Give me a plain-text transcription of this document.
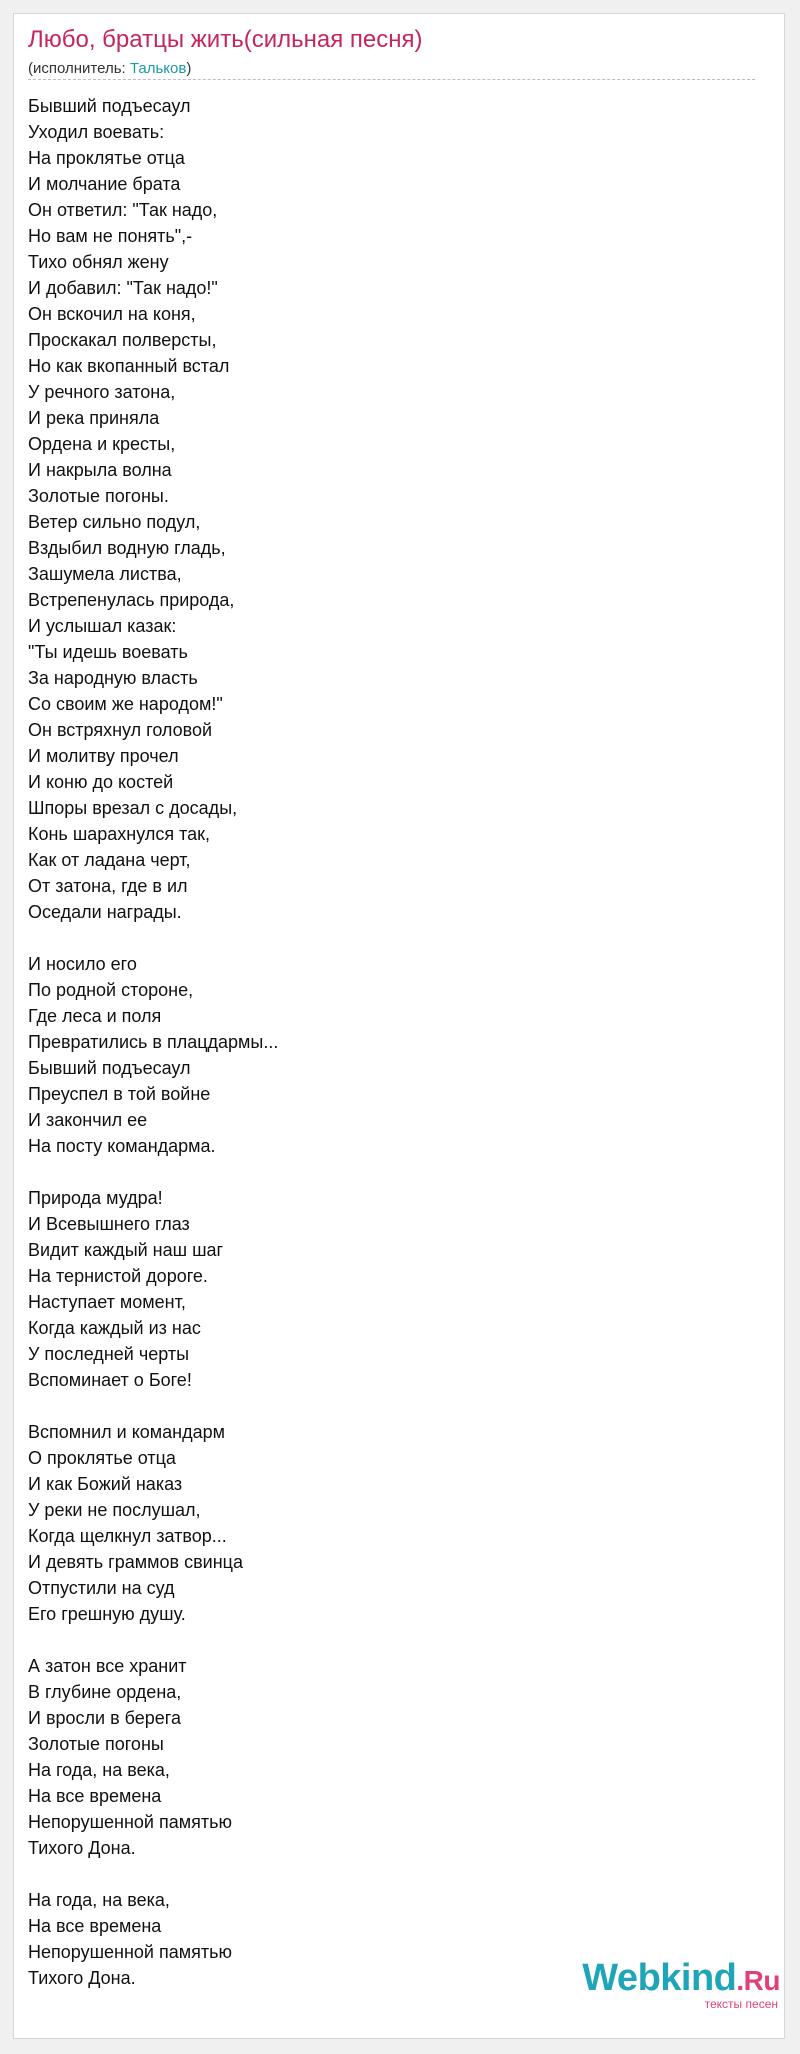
Любо, братцы жить(сильная песня)
(исполнитель: Тальков)
Бывший подъесаул
Уходил воевать:
На проклятье отца
И молчание брата
Он ответил: "Так надо,
Но вам не понять",-
Тихо обнял жену
И добавил: "Так надо!"
Он вскочил на коня,
Проскакал полверсты,
Но как вкопанный встал
У речного затона,
И река приняла
Ордена и кресты,
И накрыла волна
Золотые погоны.
Ветер сильно подул,
Вздыбил водную гладь,
Зашумела листва,
Встрепенулась природа,
И услышал казак:
"Ты идешь воевать
За народную власть
Со своим же народом!"
Он встряхнул головой
И молитву прочел
И коню до костей
Шпоры врезал с досады,
Конь шарахнулся так,
Как от ладана черт,
От затона, где в ил
Оседали награды.
И носило его
По родной стороне,
Где леса и поля
Превратились в плацдармы...
Бывший подъесаул
Преуспел в той войне
И закончил ее
На посту командарма.
Природа мудра!
И Всевышнего глаз
Видит каждый наш шаг
На тернистой дороге.
Наступает момент,
Когда каждый из нас
У последней черты
Вспоминает о Боге!
Вспомнил и командарм
О проклятье отца
И как Божий наказ
У реки не послушал,
Когда щелкнул затвор...
И девять граммов свинца
Отпустили на суд
Его грешную душу.
А затон все хранит
В глубине ордена,
И вросли в берега
Золотые погоны
На года, на века,
На все времена
Непорушенной памятью
Тихого Дона.
На года, на века,
На все времена
Непорушенной памятью
Тихого Дона.	Webkind.Ru
тексты песен
